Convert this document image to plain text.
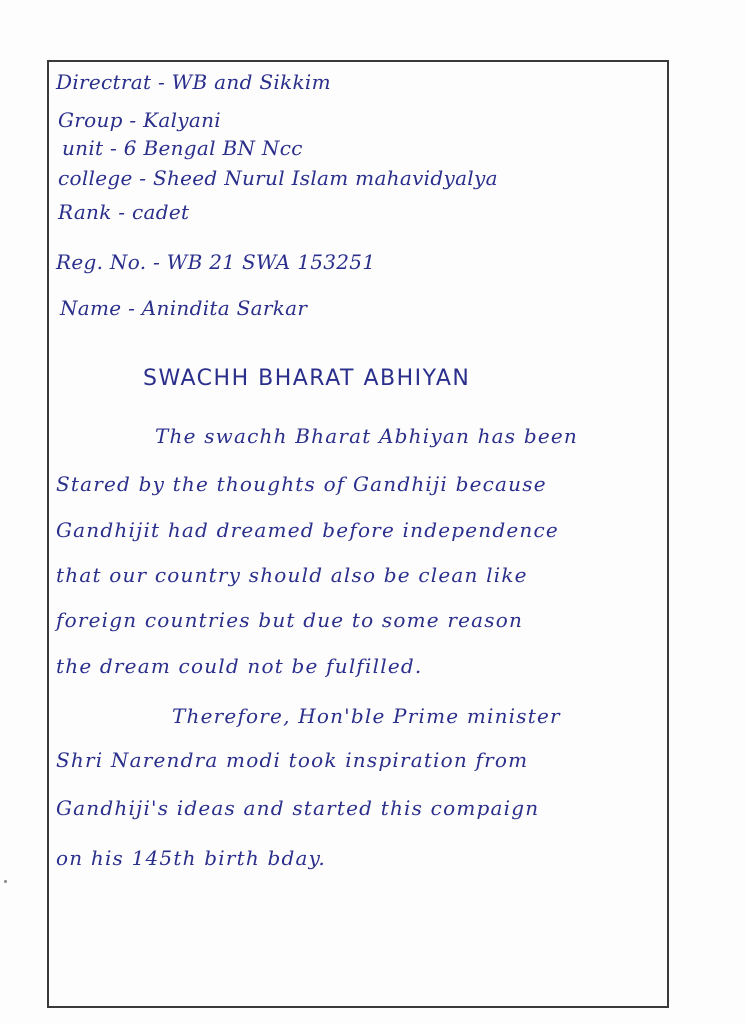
Directrat - WB and Sikkim
Group - Kalyani
unit - 6 Bengal BN Ncc
college - Sheed Nurul Islam mahavidyalya
Rank - cadet
Reg. No. - WB 21 SWA 153251
Name - Anindita Sarkar
SWACHH BHARAT ABHIYAN
The swachh Bharat Abhiyan has been
Stared by the thoughts of Gandhiji because
Gandhijit had dreamed before independence
that our country should also be clean like
foreign countries but due to some reason
the dream could not be fulfilled.
Therefore, Hon'ble Prime minister
Shri Narendra modi took inspiration from
Gandhiji's ideas and started this compaign
on his 145th birth bday.
